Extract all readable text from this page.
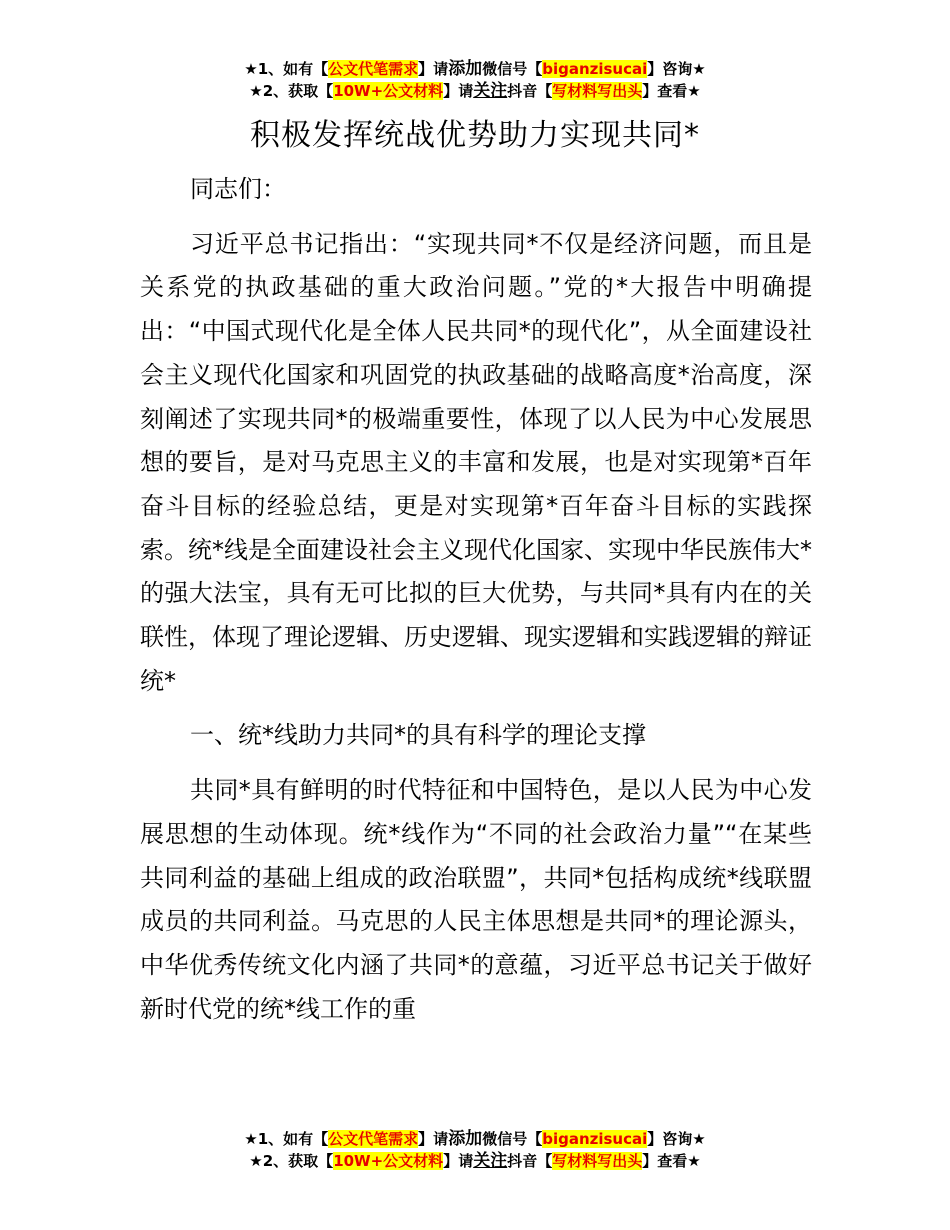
★1、如有【公文代笔需求】请添加微信号【biganzisucai】咨询★
★2、获取【10W+公文材料】请关注抖音【写材料写出头】查看★
积极发挥统战优势助力实现共同*

同志们：

习近平总书记指出：“实现共同*不仅是经济问题，而且是关系党的执政基础的重大政治问题。”党的*大报告中明确提出：“中国式现代化是全体人民共同*的现代化”，从全面建设社会主义现代化国家和巩固党的执政基础的战略高度*治高度，深刻阐述了实现共同*的极端重要性，体现了以人民为中心发展思想的要旨，是对马克思主义的丰富和发展，也是对实现第*百年奋斗目标的经验总结，更是对实现第*百年奋斗目标的实践探索。统*线是全面建设社会主义现代化国家、实现中华民族伟大*的强大法宝，具有无可比拟的巨大优势，与共同*具有内在的关联性，体现了理论逻辑、历史逻辑、现实逻辑和实践逻辑的辩证统*

一、统*线助力共同*的具有科学的理论支撑

共同*具有鲜明的时代特征和中国特色，是以人民为中心发展思想的生动体现。统*线作为“不同的社会政治力量”“在某些共同利益的基础上组成的政治联盟”，共同*包括构成统*线联盟成员的共同利益。马克思的人民主体思想是共同*的理论源头，中华优秀传统文化内涵了共同*的意蕴，习近平总书记关于做好新时代党的统*线工作的重

★1、如有【公文代笔需求】请添加微信号【biganzisucai】咨询★
★2、获取【10W+公文材料】请关注抖音【写材料写出头】查看★
